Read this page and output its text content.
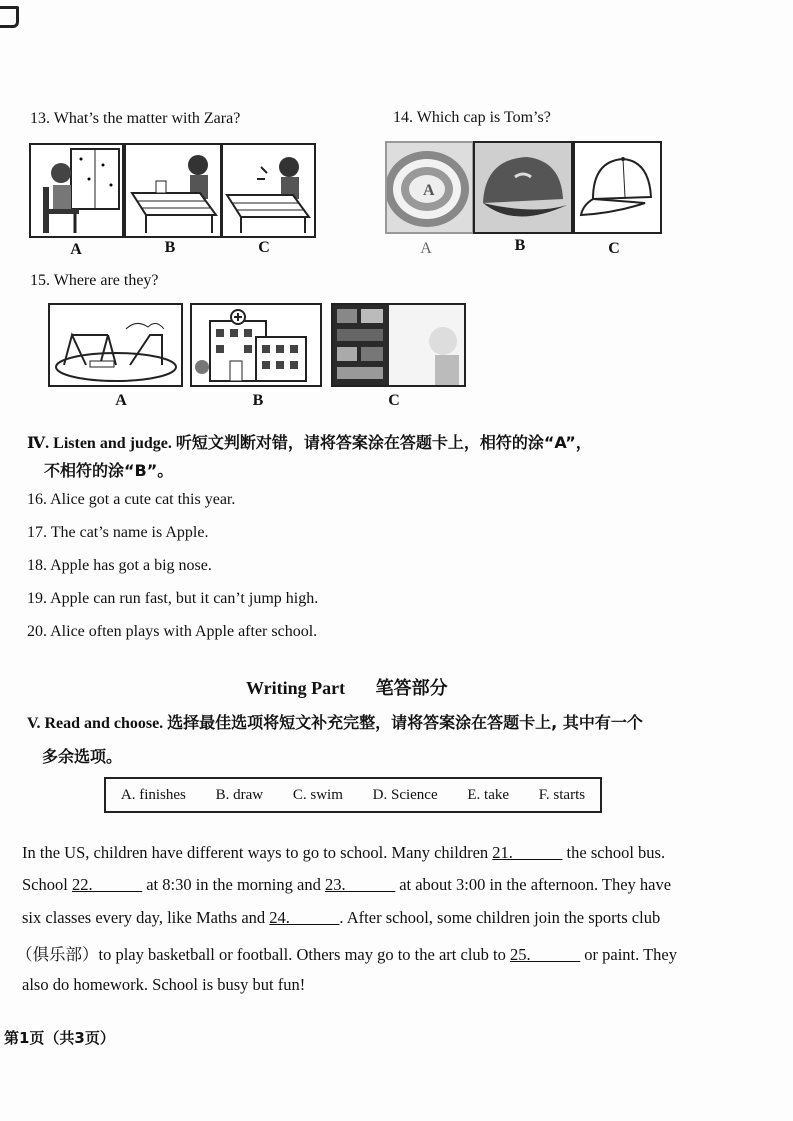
13. What’s the matter with Zara?
A	B	C
14. Which cap is Tom’s?
A
A	B	C
15. Where are they?
A	B	C
Ⅳ. Listen and judge. 听短文判断对错，请将答案涂在答题卡上，相符的涂“A”，
不相符的涂“B”。
16. Alice got a cute cat this year.
17. The cat’s name is Apple.
18. Apple has got a big nose.
19. Apple can run fast, but it can’t jump high.
20. Alice often plays with Apple after school.
Writing Part 笔答部分
V. Read and choose. 选择最佳选项将短文补充完整，请将答案涂在答题卡上, 其中有一个
多余选项。
A. finishes B. draw C. swim D. Science E. take F. starts
In the US, children have different ways to go to school. Many children 21.______ the school bus.
School 22.______ at 8:30 in the morning and 23.______ at about 3:00 in the afternoon. They have
six classes every day, like Maths and 24.______. After school, some children join the sports club
（俱乐部）to play basketball or football. Others may go to the art club to 25.______ or paint. They
also do homework. School is busy but fun!
第1页（共3页）
